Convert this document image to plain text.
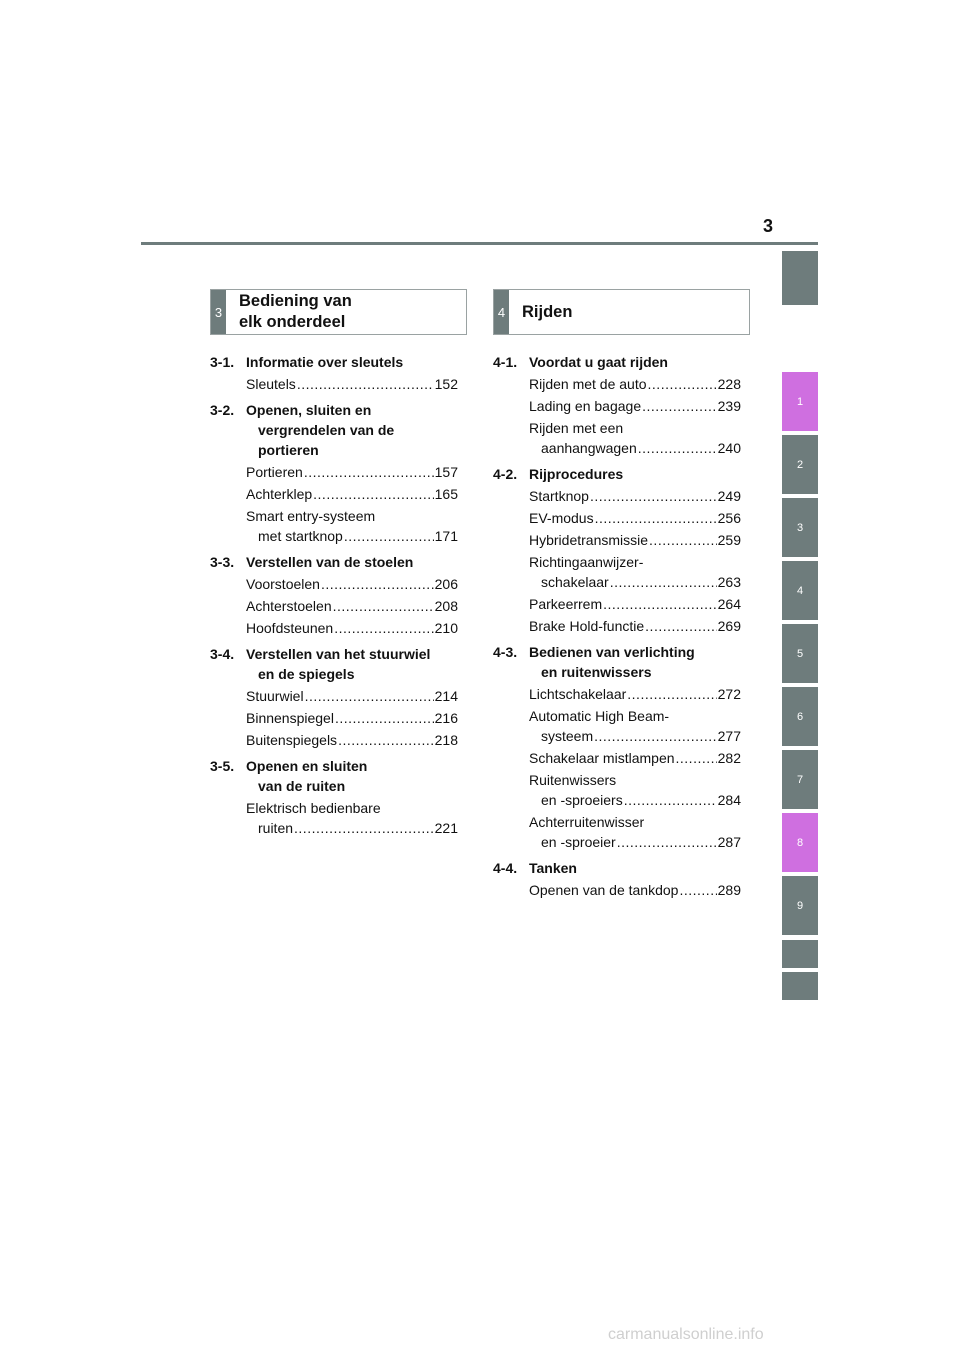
3
1
2
3
4
5
6
7
8
9
3
Bediening van
elk onderdeel
4 Rijden
3-1. Informatie over sleutels
Sleutels .....	152
3-2. Openen, sluiten en
vergrendelen van de
portieren
Portieren .....	157
Achterklep .....	165
Smart entry-systeem
met startknop .....	171
3-3. Verstellen van de stoelen
Voorstoelen .....	206
Achterstoelen .....	208
Hoofdsteunen .....	210
3-4. Verstellen van het stuurwiel
en de spiegels
Stuurwiel .....	214
Binnenspiegel .....	216
Buitenspiegels .....	218
3-5. Openen en sluiten
van de ruiten
Elektrisch bedienbare
ruiten .....	221
4-1. Voordat u gaat rijden
Rijden met de auto .....	228
Lading en bagage .....	239
Rijden met een
aanhangwagen .....	240
4-2. Rijprocedures
Startknop .....	249
EV-modus .....	256
Hybridetransmissie .....	259
Richtingaanwijzer-
schakelaar .....	263
Parkeerrem .....	264
Brake Hold-functie .....	269
4-3. Bedienen van verlichting
en ruitenwissers
Lichtschakelaar .....	272
Automatic High Beam-
systeem .....	277
Schakelaar mistlampen .....	282
Ruitenwissers
en -sproeiers .....	284
Achterruitenwisser
en -sproeier .....	287
4-4. Tanken
Openen van de tankdop .....	289
carmanualsonline.info
